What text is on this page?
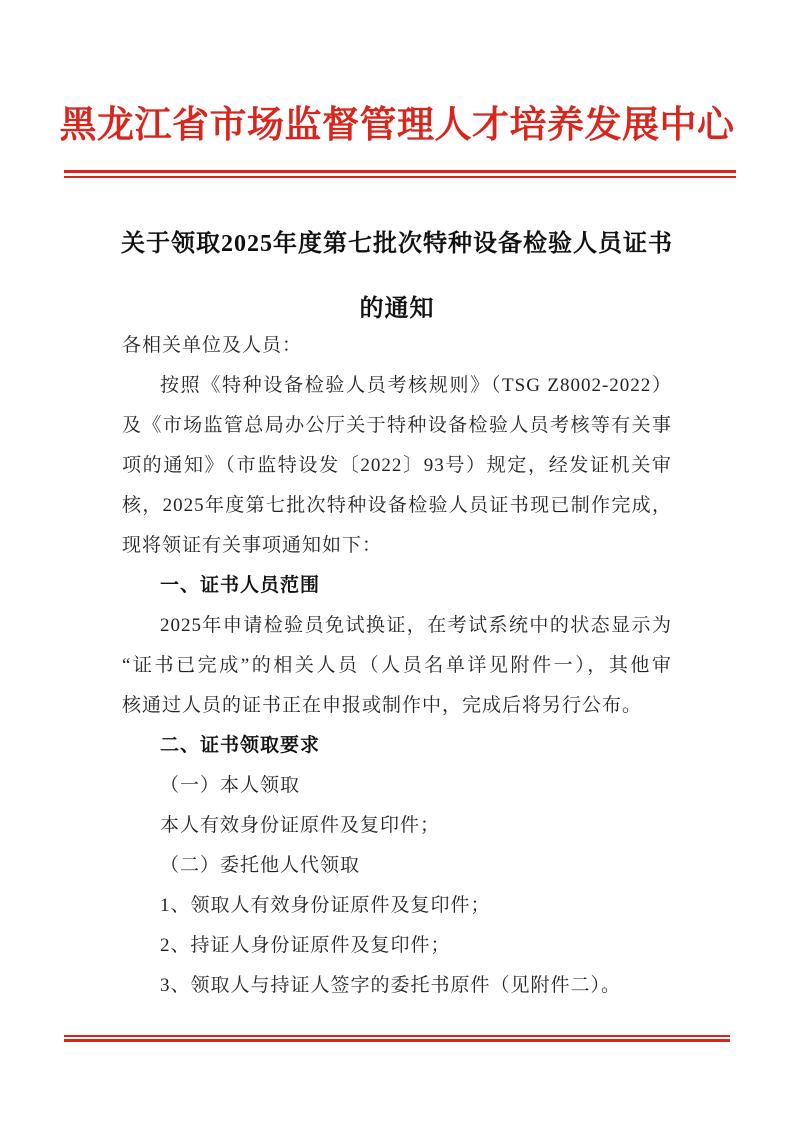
黑龙江省市场监督管理人才培养发展中心
关于领取2025年度第七批次特种设备检验人员证书
的通知
各相关单位及人员：
按照《特种设备检验人员考核规则》（TSG Z8002-2022）
及《市场监管总局办公厅关于特种设备检验人员考核等有关事
项的通知》（市监特设发〔2022〕93号）规定，经发证机关审
核，2025年度第七批次特种设备检验人员证书现已制作完成，
现将领证有关事项通知如下：
一、证书人员范围
2025年申请检验员免试换证，在考试系统中的状态显示为
“证书已完成”的相关人员（人员名单详见附件一），其他审
核通过人员的证书正在申报或制作中，完成后将另行公布。
二、证书领取要求
（一）本人领取
本人有效身份证原件及复印件；
（二）委托他人代领取
1、领取人有效身份证原件及复印件；
2、持证人身份证原件及复印件；
3、领取人与持证人签字的委托书原件（见附件二）。
